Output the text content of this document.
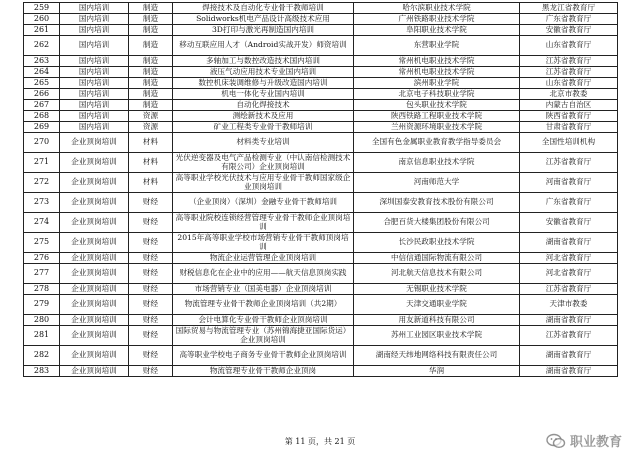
259	国内培训	制造	焊接技术及自动化专业骨干教师培训	哈尔滨职业技术学院	黑龙江省教育厅
260	国内培训	制造	Solidworks机电产品设计高级技术应用	广州铁路职业技术学院	广东省教育厅
261	国内培训	制造	3D打印与激光再制造国内培训	阜阳职业技术学院	安徽省教育厅
262	国内培训	制造	移动互联应用人才（Android实战开发）师资培训	东营职业学院	山东省教育厅
263	国内培训	制造	多轴加工与数控改造技术国内培训	常州机电职业技术学院	江苏省教育厅
264	国内培训	制造	液压气动应用技术专业国内培训	常州机电职业技术学院	江苏省教育厅
265	国内培训	制造	数控机床装调维修与升级改造国内培训	滨州职业学院	山东省教育厅
266	国内培训	制造	机电一体化专业国内培训	北京电子科技职业学院	北京市教委
267	国内培训	制造	自动化焊接技术	包头职业技术学院	内蒙古自治区
268	国内培训	资源	测绘新技术及应用	陕西铁路工程职业技术学院	陕西省教育厅
269	国内培训	资源	矿业工程类专业骨干教师培训	兰州资源环境职业技术学院	甘肃省教育厅
270	企业顶岗培训	材料	材料类专业培训	全国有色金属职业教育教学指导委员会	全国性培训机构
271	企业顶岗培训	材料	光伏逆变器及电气产品检测专业（中认南信检测技术有限公司）企业顶岗培训	南京信息职业技术学院	江苏省教育厅
272	企业顶岗培训	材料	高等职业学校光伏技术与应用专业骨干教师国家级企业顶岗培训	河南师范大学	河南省教育厅
273	企业顶岗培训	财经	（企业顶岗）（深圳）金融专业骨干教师培训	深圳国泰安教育技术股份有限公司	广东省教育厅
274	企业顶岗培训	财经	高等职业院校连锁经营管理专业骨干教师企业顶岗培训	合肥百货大楼集团股份有限公司	安徽省教育厅
275	企业顶岗培训	财经	2015年高等职业学校市场营销专业骨干教师顶岗培训	长沙民政职业技术学院	湖南省教育厅
276	企业顶岗培训	财经	物流企业运营管理企业顶岗培训	中信信通国际物流有限公司	河北省教育厅
277	企业顶岗培训	财经	财税信息化在企业中的应用——航天信息顶岗实践	河北航天信息技术有限公司	河北省教育厅
278	企业顶岗培训	财经	市场营销专业（国美电器）企业顶岗培训	无锡职业技术学院	江苏省教育厅
279	企业顶岗培训	财经	物流管理专业骨干教师企业顶岗培训（共2期）	天津交通职业学院	天津市教委
280	企业顶岗培训	财经	会计电算化专业骨干教师企业顶岗培训	用友新道科技有限公司	湖南省教育厅
281	企业顶岗培训	财经	国际贸易与物流管理专业（苏州锦海捷亚国际货运）企业顶岗培训	苏州工业园区职业技术学院	江苏省教育厅
282	企业顶岗培训	财经	高等职业学校电子商务专业骨干教师企业顶岗培训	湖南经天纬地网络科技有限责任公司	湖南省教育厅
283	企业顶岗培训	财经	物流管理专业骨干教师企业顶岗	华润	湖南省教育厅
第 11 页，共 21 页	职业教育
